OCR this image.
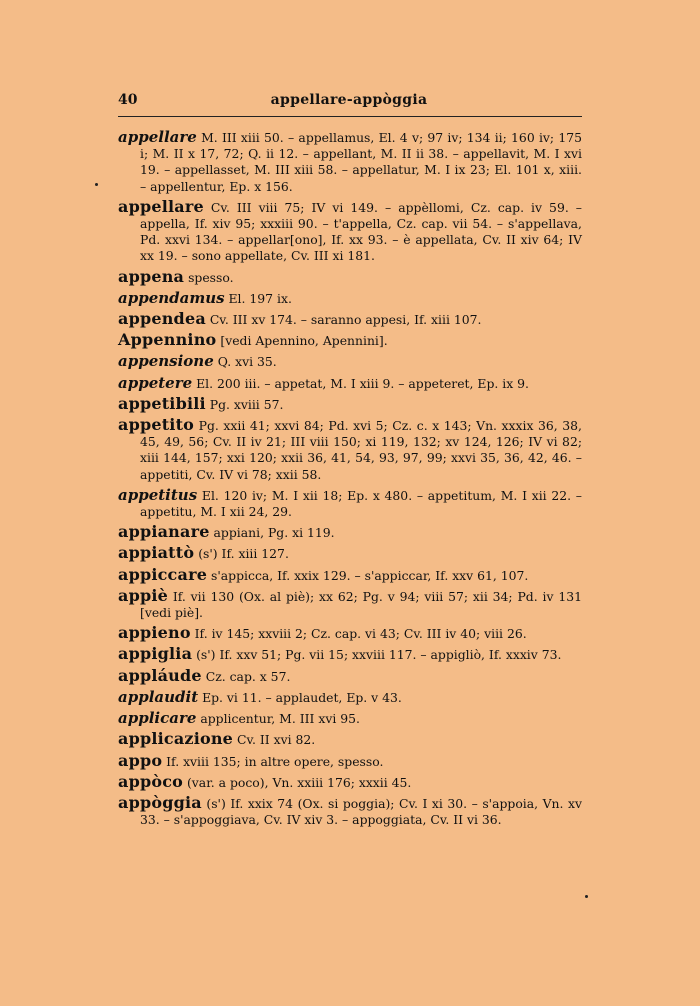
40	appellare-appòggia
appellare M. III xiii 50. – appellamus, El. 4 v; 97 iv; 134 ii; 160 iv; 175 i; M. II x 17, 72; Q. ii 12. – appellant, M. II ii 38. – appellavit, M. I xvi 19. – appellasset, M. III xiii 58. – appellatur, M. I ix 23; El. 101 x, xiii. – appellentur, Ep. x 156.
appellare Cv. III viii 75; IV vi 149. – appèllomi, Cz. cap. iv 59. – appella, If. xiv 95; xxxiii 90. – t'appella, Cz. cap. vii 54. – s'appellava, Pd. xxvi 134. – appellar[ono], If. xx 93. – è appellata, Cv. II xiv 64; IV xx 19. – sono appellate, Cv. III xi 181.
appena spesso.
appendamus El. 197 ix.
appendea Cv. III xv 174. – saranno appesi, If. xiii 107.
Appennino [vedi Apennino, Apennini].
appensione Q. xvi 35.
appetere El. 200 iii. – appetat, M. I xiii 9. – appeteret, Ep. ix 9.
appetibili Pg. xviii 57.
appetito Pg. xxii 41; xxvi 84; Pd. xvi 5; Cz. c. x 143; Vn. xxxix 36, 38, 45, 49, 56; Cv. II iv 21; III viii 150; xi 119, 132; xv 124, 126; IV vi 82; xiii 144, 157; xxi 120; xxii 36, 41, 54, 93, 97, 99; xxvi 35, 36, 42, 46. – appetiti, Cv. IV vi 78; xxii 58.
appetitus El. 120 iv; M. I xii 18; Ep. x 480. – appetitum, M. I xii 22. – appetitu, M. I xii 24, 29.
appianare appiani, Pg. xi 119.
appiattò (s') If. xiii 127.
appiccare s'appicca, If. xxix 129. – s'appiccar, If. xxv 61, 107.
appiè If. vii 130 (Ox. al piè); xx 62; Pg. v 94; viii 57; xii 34; Pd. iv 131 [vedi piè].
appieno If. iv 145; xxviii 2; Cz. cap. vi 43; Cv. III iv 40; viii 26.
appiglia (s') If. xxv 51; Pg. vii 15; xxviii 117. – appigliò, If. xxxiv 73.
appláude Cz. cap. x 57.
applaudit Ep. vi 11. – applaudet, Ep. v 43.
applicare applicentur, M. III xvi 95.
applicazione Cv. II xvi 82.
appo If. xviii 135; in altre opere, spesso.
appòco (var. a poco), Vn. xxiii 176; xxxii 45.
appòggia (s') If. xxix 74 (Ox. si poggia); Cv. I xi 30. – s'appoia, Vn. xv 33. – s'appoggiava, Cv. IV xiv 3. – appoggiata, Cv. II vi 36.
